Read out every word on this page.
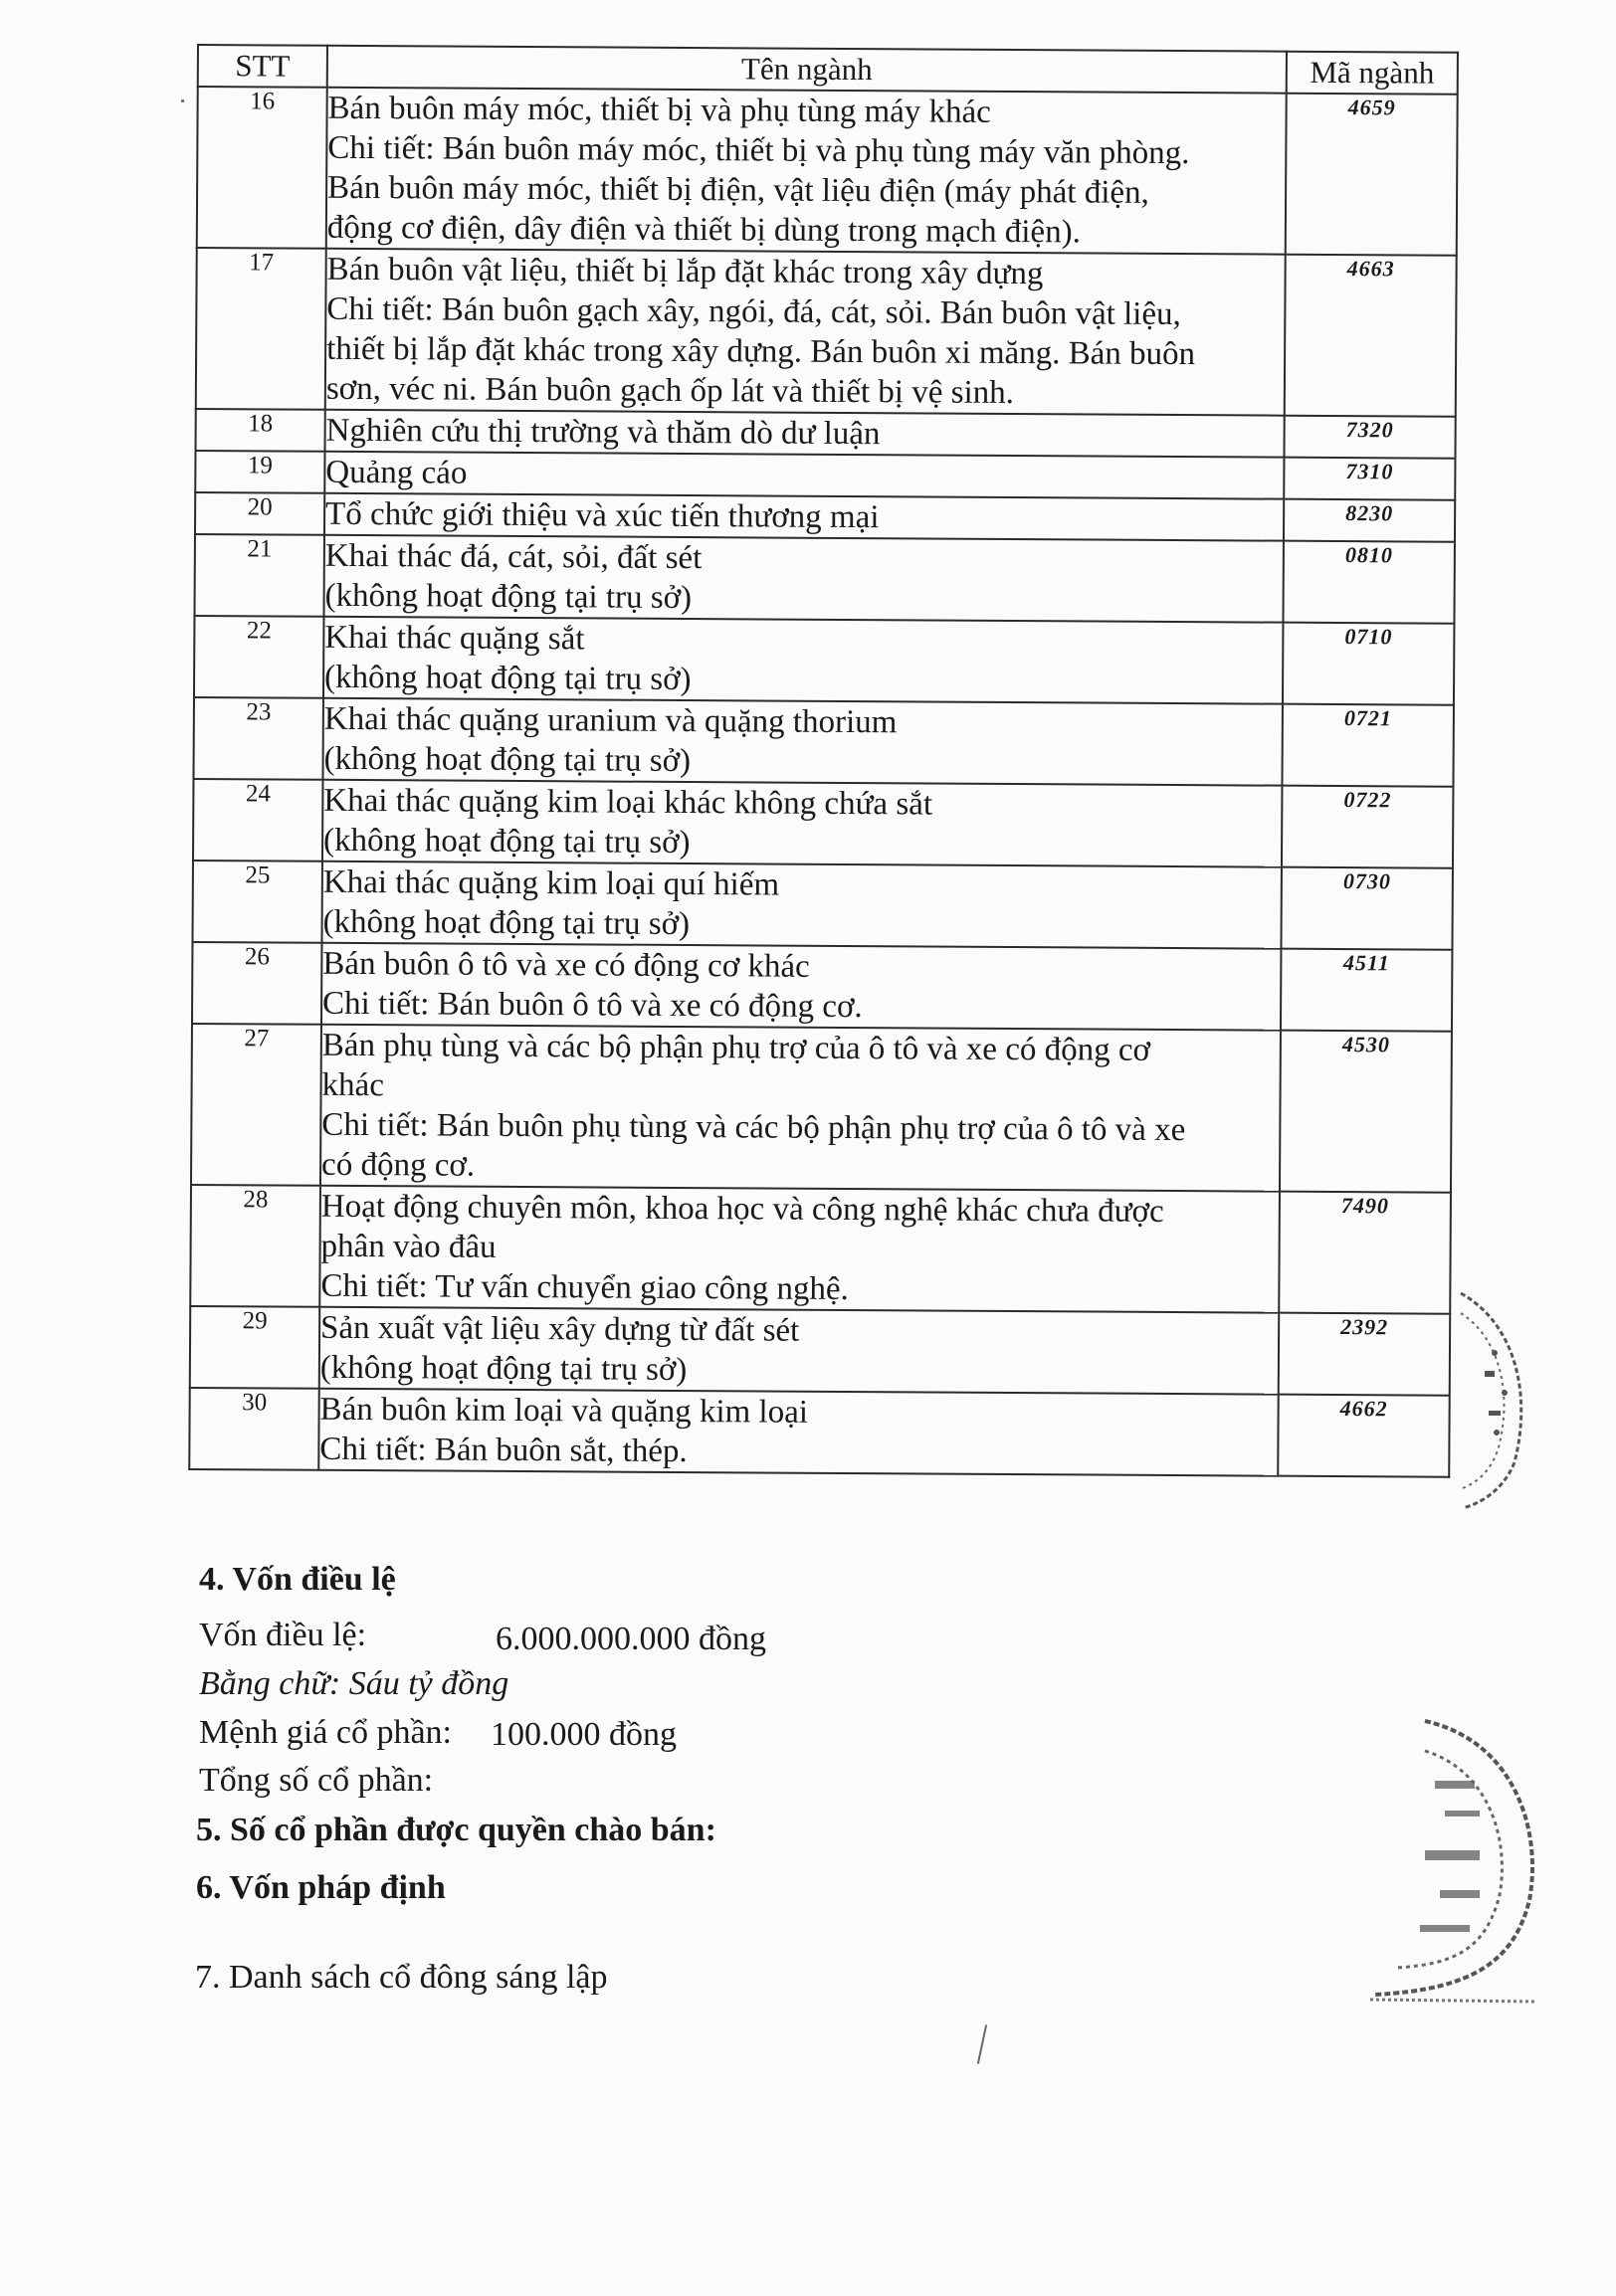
STT	Tên ngành	Mã ngành
16	Bán buôn máy móc, thiết bị và phụ tùng máy khác
Chi tiết: Bán buôn máy móc, thiết bị và phụ tùng máy văn phòng.
Bán buôn máy móc, thiết bị điện, vật liệu điện (máy phát điện,
động cơ điện, dây điện và thiết bị dùng trong mạch điện).	4659
17	Bán buôn vật liệu, thiết bị lắp đặt khác trong xây dựng
Chi tiết: Bán buôn gạch xây, ngói, đá, cát, sỏi. Bán buôn vật liệu,
thiết bị lắp đặt khác trong xây dựng. Bán buôn xi măng. Bán buôn
sơn, véc ni. Bán buôn gạch ốp lát và thiết bị vệ sinh.	4663
18	Nghiên cứu thị trường và thăm dò dư luận	7320
19	Quảng cáo	7310
20	Tổ chức giới thiệu và xúc tiến thương mại	8230
21	Khai thác đá, cát, sỏi, đất sét
(không hoạt động tại trụ sở)	0810
22	Khai thác quặng sắt
(không hoạt động tại trụ sở)	0710
23	Khai thác quặng uranium và quặng thorium
(không hoạt động tại trụ sở)	0721
24	Khai thác quặng kim loại khác không chứa sắt
(không hoạt động tại trụ sở)	0722
25	Khai thác quặng kim loại quí hiếm
(không hoạt động tại trụ sở)	0730
26	Bán buôn ô tô và xe có động cơ khác
Chi tiết: Bán buôn ô tô và xe có động cơ.	4511
27	Bán phụ tùng và các bộ phận phụ trợ của ô tô và xe có động cơ
khác
Chi tiết: Bán buôn phụ tùng và các bộ phận phụ trợ của ô tô và xe
có động cơ.	4530
28	Hoạt động chuyên môn, khoa học và công nghệ khác chưa được
phân vào đâu
Chi tiết: Tư vấn chuyển giao công nghệ.	7490
29	Sản xuất vật liệu xây dựng từ đất sét
(không hoạt động tại trụ sở)	2392
30	Bán buôn kim loại và quặng kim loại
Chi tiết: Bán buôn sắt, thép.	4662
4. Vốn điều lệ
Vốn điều lệ:	6.000.000.000 đồng
Bằng chữ: Sáu tỷ đồng
Mệnh giá cổ phần: 100.000 đồng
Tổng số cổ phần:
5. Số cổ phần được quyền chào bán:
6. Vốn pháp định
7. Danh sách cổ đông sáng lập
